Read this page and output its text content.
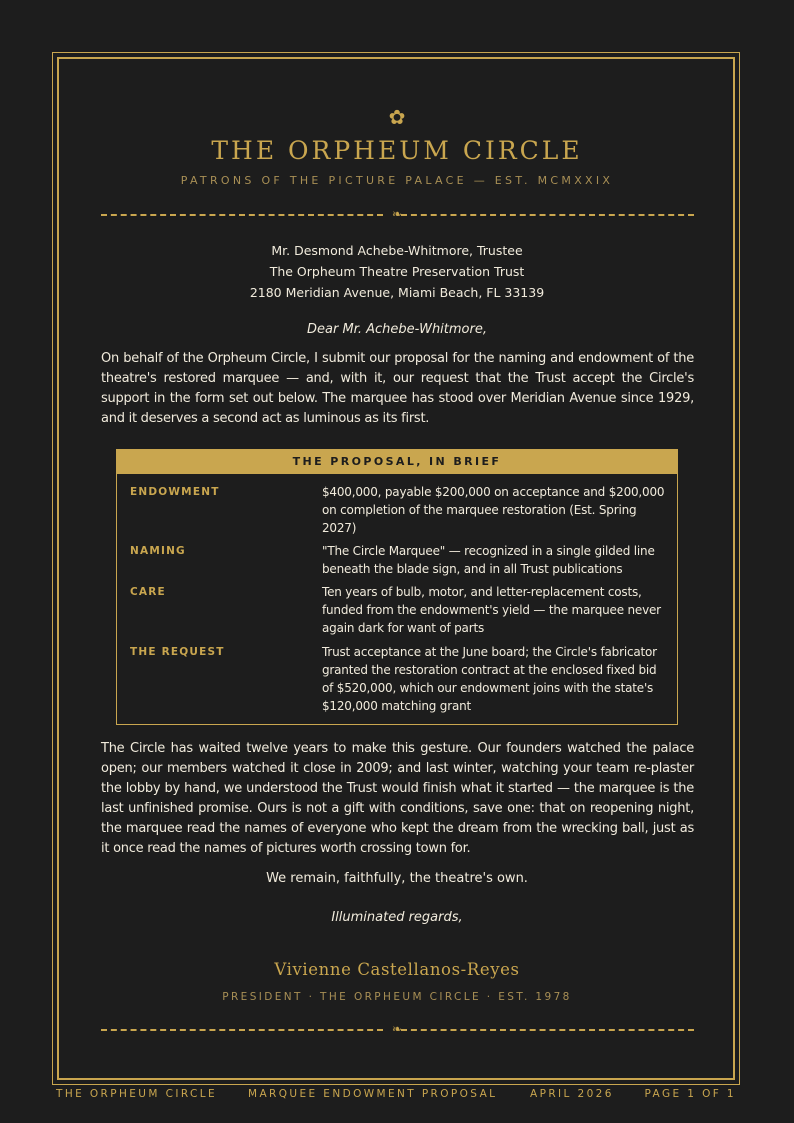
✿
THE ORPHEUM CIRCLE
PATRONS OF THE PICTURE PALACE — EST. MCMXXIX
❧
Mr. Desmond Achebe-Whitmore, Trustee
The Orpheum Theatre Preservation Trust
2180 Meridian Avenue, Miami Beach, FL 33139
Dear Mr. Achebe-Whitmore,
On behalf of the Orpheum Circle, I submit our proposal for the naming and endowment of the theatre's restored marquee — and, with it, our request that the Trust accept the Circle's support in the form set out below. The marquee has stood over Meridian Avenue since 1929, and it deserves a second act as luminous as its first.
THE PROPOSAL, IN BRIEF
ENDOWMENT	$400,000, payable $200,000 on acceptance and $200,000 on completion of the marquee restoration (Est. Spring 2027)
NAMING	"The Circle Marquee" — recognized in a single gilded line beneath the blade sign, and in all Trust publications
CARE	Ten years of bulb, motor, and letter-replacement costs, funded from the endowment's yield — the marquee never again dark for want of parts
THE REQUEST	Trust acceptance at the June board; the Circle's fabricator granted the restoration contract at the enclosed fixed bid of $520,000, which our endowment joins with the state's $120,000 matching grant
The Circle has waited twelve years to make this gesture. Our founders watched the palace open; our members watched it close in 2009; and last winter, watching your team re-plaster the lobby by hand, we understood the Trust would finish what it started — the marquee is the last unfinished promise. Ours is not a gift with conditions, save one: that on reopening night, the marquee read the names of everyone who kept the dream from the wrecking ball, just as it once read the names of pictures worth crossing town for.
We remain, faithfully, the theatre's own.
Illuminated regards,
Vivienne Castellanos-Reyes
PRESIDENT · THE ORPHEUM CIRCLE · EST. 1978
❧
THE ORPHEUM CIRCLE	MARQUEE ENDOWMENT PROPOSAL	APRIL 2026	PAGE 1 OF 1
